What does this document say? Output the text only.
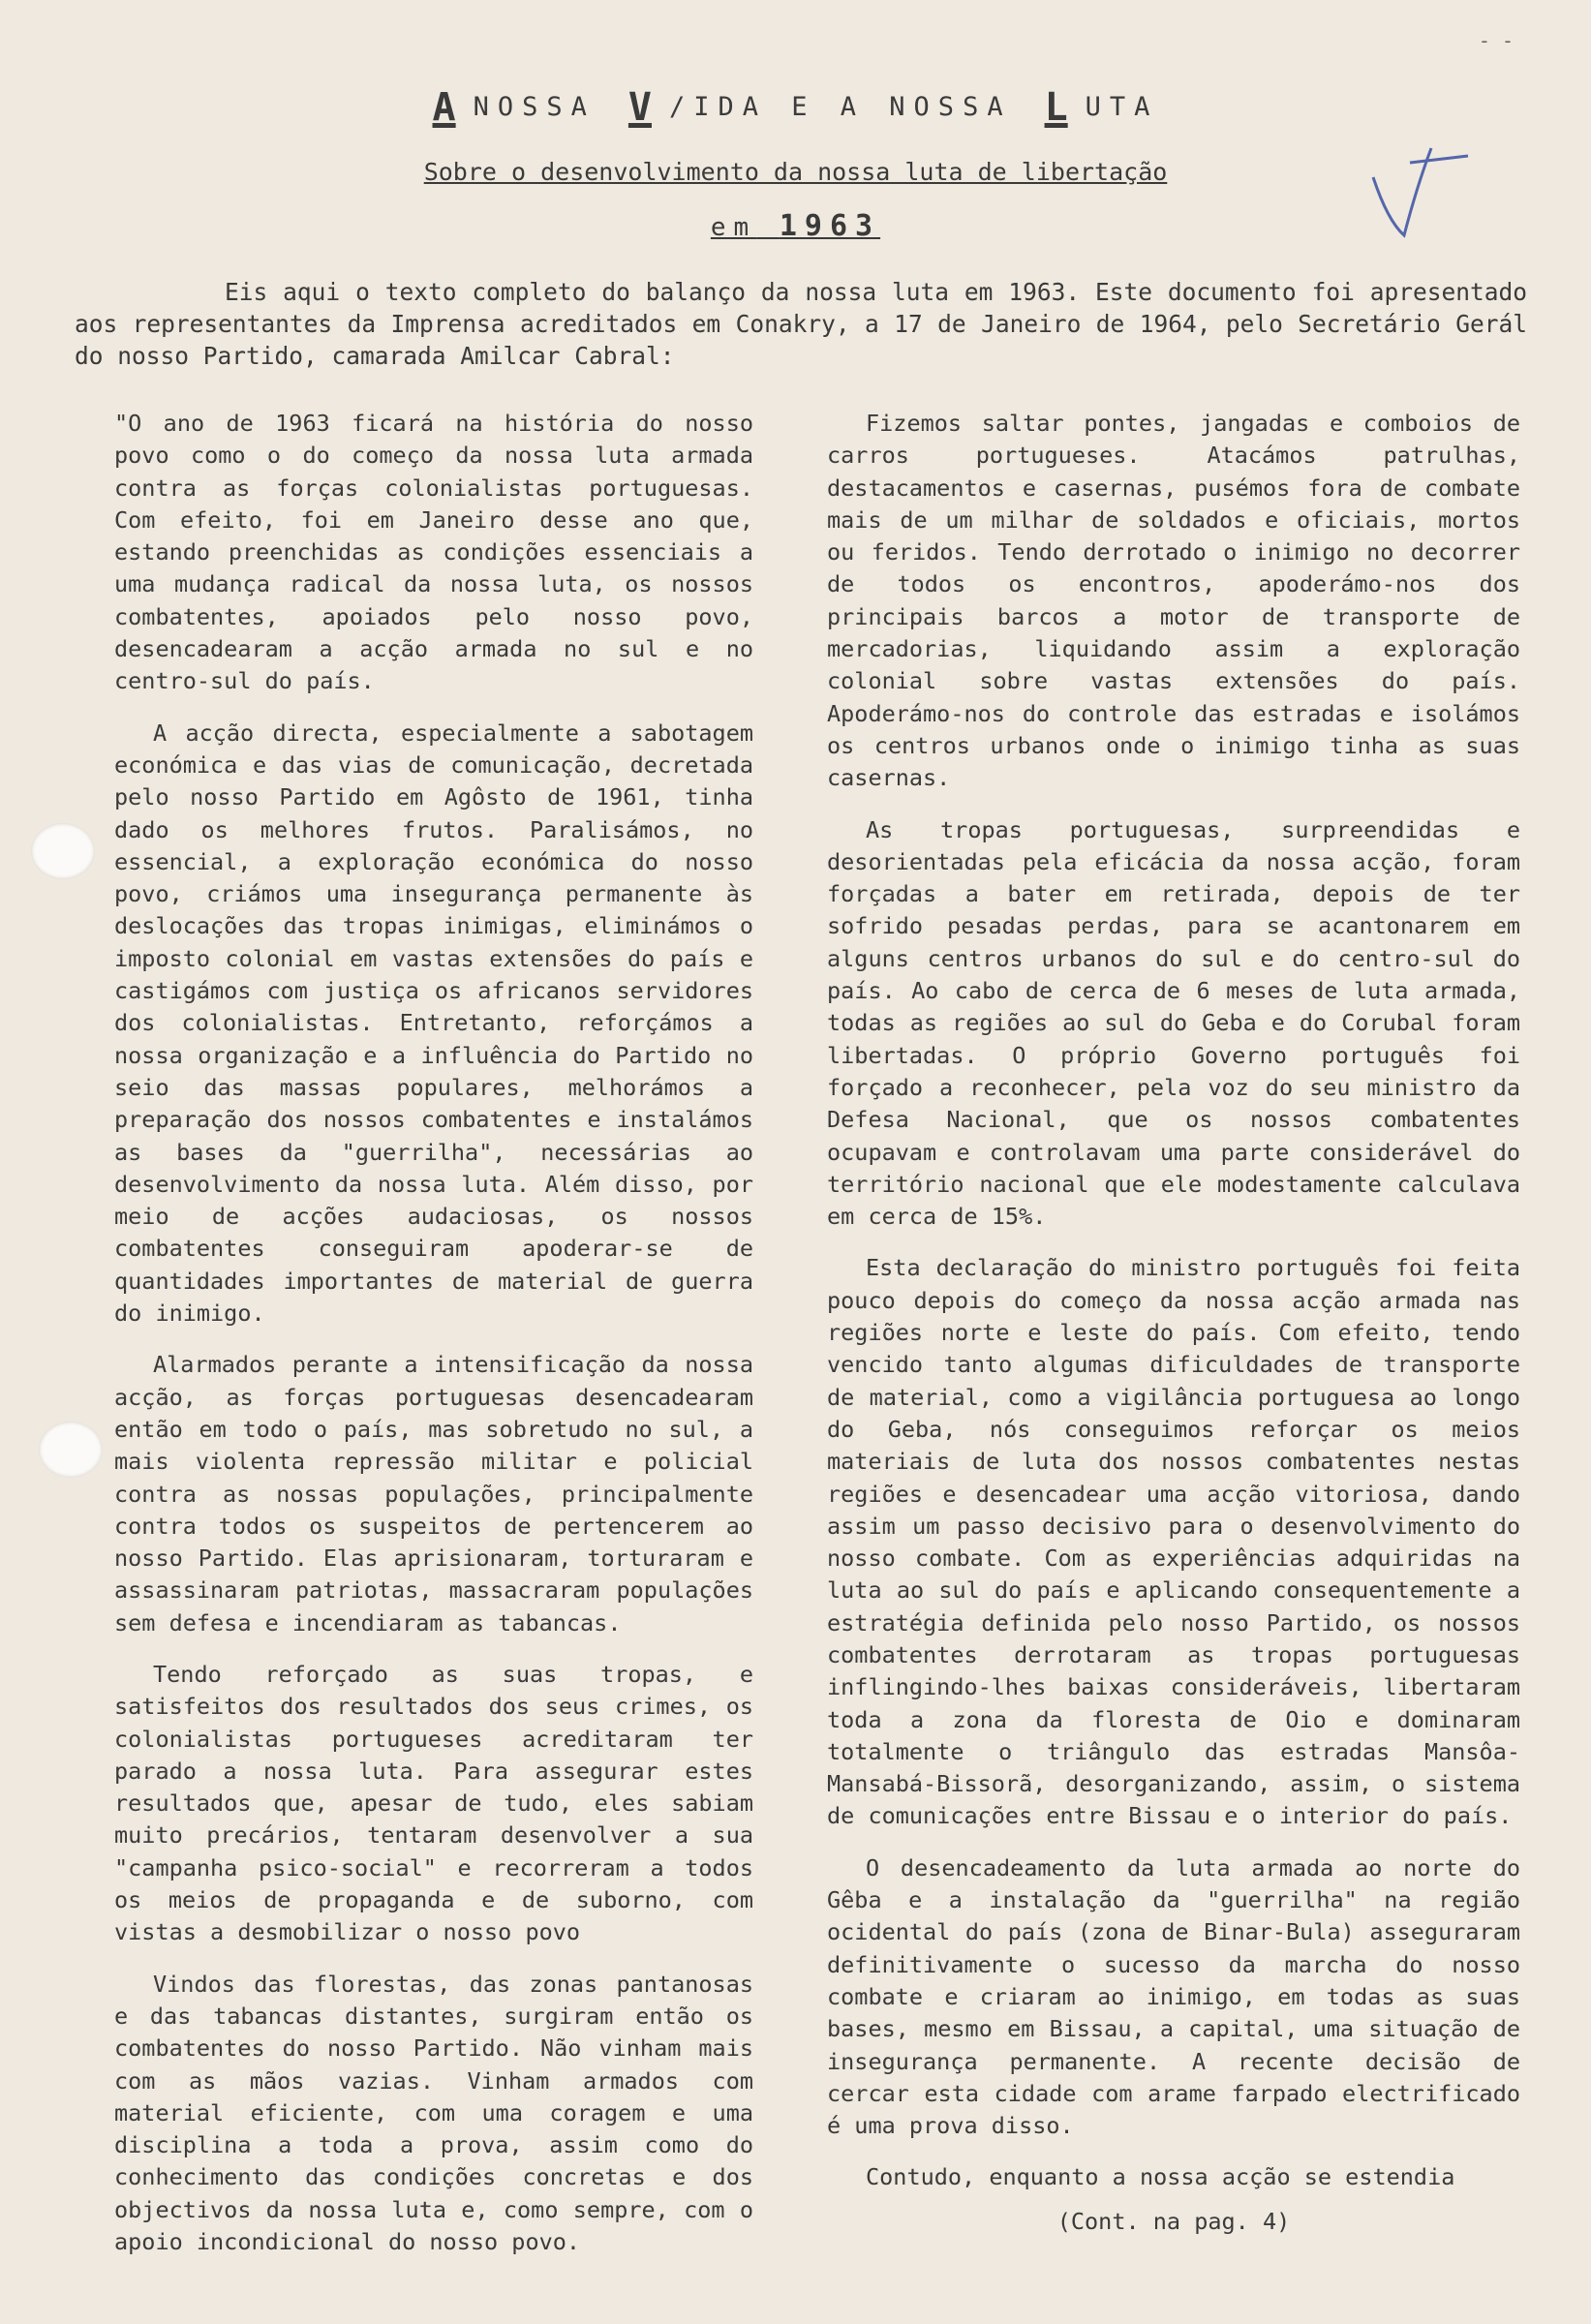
- -
A NOSSA V /IDA E A NOSSA L UTA
Sobre o desenvolvimento da nossa luta de libertação
em 1963
Eis aqui o texto completo do balanço da nossa luta em 1963. Este documento foi apresentado aos representantes da Imprensa acreditados em Conakry, a 17 de Janeiro de 1964, pelo Secretário Gerál do nosso Partido, camarada Amilcar Cabral:

"O ano de 1963 ficará na história do nosso povo como o do começo da nossa luta armada contra as forças colonialistas portuguesas. Com efeito, foi em Janeiro desse ano que, estando preenchidas as condições essenciais a uma mudança radical da nossa luta, os nossos combatentes, apoiados pelo nosso povo, desencadearam a acção armada no sul e no centro-sul do país.

A acção directa, especialmente a sabotagem económica e das vias de comunicação, decretada pelo nosso Partido em Agôsto de 1961, tinha dado os melhores frutos. Paralisámos, no essencial, a exploração económica do nosso povo, criámos uma insegurança permanente às deslocações das tropas inimigas, eliminámos o imposto colonial em vastas extensões do país e castigámos com justiça os africanos servidores dos colonialistas. Entretanto, reforçámos a nossa organização e a influência do Partido no seio das massas populares, melhorámos a preparação dos nossos combatentes e instalámos as bases da "guerrilha", necessárias ao desenvolvimento da nossa luta. Além disso, por meio de acções audaciosas, os nossos combatentes conseguiram apoderar-se de quantidades importantes de material de guerra do inimigo.

Alarmados perante a intensificação da nossa acção, as forças portuguesas desencadearam então em todo o país, mas sobretudo no sul, a mais violenta repressão militar e policial contra as nossas populações, principalmente contra todos os suspeitos de pertencerem ao nosso Partido. Elas aprisionaram, torturaram e assassinaram patriotas, massacraram populações sem defesa e incendiaram as tabancas.

Tendo reforçado as suas tropas, e satisfeitos dos resultados dos seus crimes, os colonialistas portugueses acreditaram ter parado a nossa luta. Para assegurar estes resultados que, apesar de tudo, eles sabiam muito precários, tentaram desenvolver a sua "campanha psico-social" e recorreram a todos os meios de propaganda e de suborno, com vistas a desmobilizar o nosso povo

Vindos das florestas, das zonas pantanosas e das tabancas distantes, surgiram então os combatentes do nosso Partido. Não vinham mais com as mãos vazias. Vinham armados com material eficiente, com uma coragem e uma disciplina a toda a prova, assim como do conhecimento das condições concretas e dos objectivos da nossa luta e, como sempre, com o apoio incondicional do nosso povo.

Fizemos saltar pontes, jangadas e comboios de carros portugueses. Atacámos patrulhas, destacamentos e casernas, pusémos fora de combate mais de um milhar de soldados e oficiais, mortos ou feridos. Tendo derrotado o inimigo no decorrer de todos os encontros, apoderámo-nos dos principais barcos a motor de transporte de mercadorias, liquidando assim a exploração colonial sobre vastas extensões do país. Apoderámo-nos do controle das estradas e isolámos os centros urbanos onde o inimigo tinha as suas casernas.

As tropas portuguesas, surpreendidas e desorientadas pela eficácia da nossa acção, foram forçadas a bater em retirada, depois de ter sofrido pesadas perdas, para se acantonarem em alguns centros urbanos do sul e do centro-sul do país. Ao cabo de cerca de 6 meses de luta armada, todas as regiões ao sul do Geba e do Corubal foram libertadas. O próprio Governo português foi forçado a reconhecer, pela voz do seu ministro da Defesa Nacional, que os nossos combatentes ocupavam e controlavam uma parte considerável do território nacional que ele modestamente calculava em cerca de 15%.

Esta declaração do ministro português foi feita pouco depois do começo da nossa acção armada nas regiões norte e leste do país. Com efeito, tendo vencido tanto algumas dificuldades de transporte de material, como a vigilância portuguesa ao longo do Geba, nós conseguimos reforçar os meios materiais de luta dos nossos combatentes nestas regiões e desencadear uma acção vitoriosa, dando assim um passo decisivo para o desenvolvimento do nosso combate. Com as experiências adquiridas na luta ao sul do país e aplicando consequentemente a estratégia definida pelo nosso Partido, os nossos combatentes derrotaram as tropas portuguesas inflingindo-lhes baixas consideráveis, libertaram toda a zona da floresta de Oio e dominaram totalmente o triângulo das estradas Mansôa-Mansabá-Bissorã, desorganizando, assim, o sistema de comunicações entre Bissau e o interior do país.

O desencadeamento da luta armada ao norte do Gêba e a instalação da "guerrilha" na região ocidental do país (zona de Binar-Bula) asseguraram definitivamente o sucesso da marcha do nosso combate e criaram ao inimigo, em todas as suas bases, mesmo em Bissau, a capital, uma situação de insegurança permanente. A recente decisão de cercar esta cidade com arame farpado electrificado é uma prova disso.

Contudo, enquanto a nossa acção se estendia

(Cont. na pag. 4)
